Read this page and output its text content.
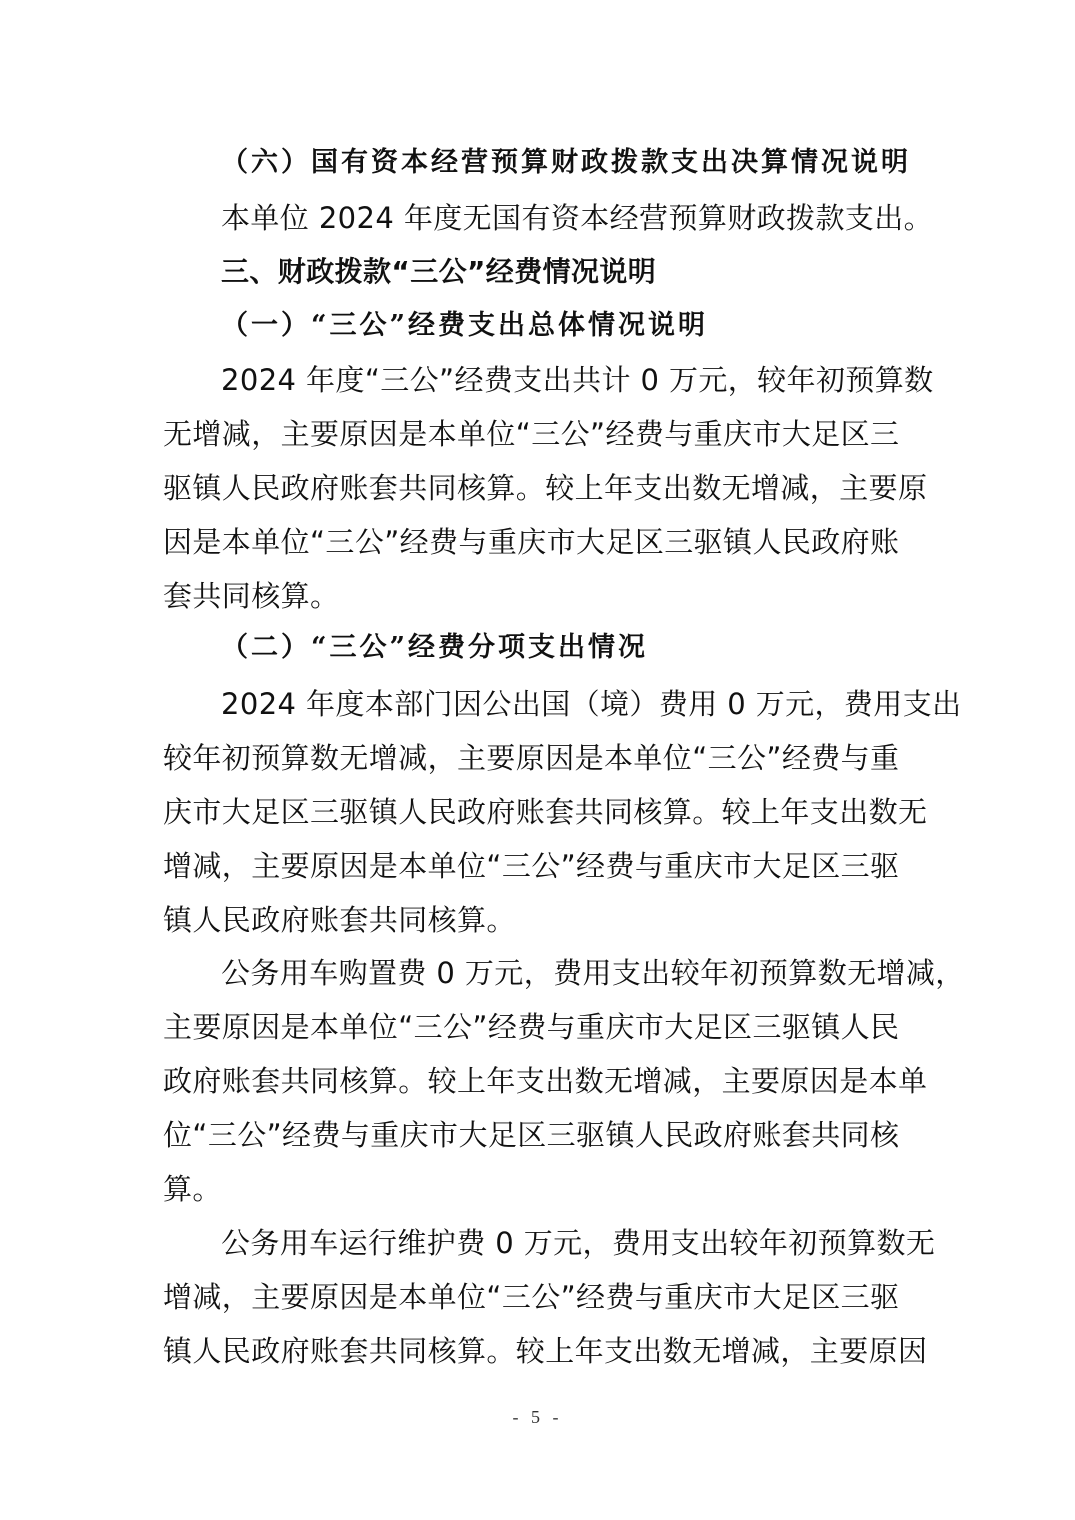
（六）国有资本经营预算财政拨款支出决算情况说明
本单位 2024 年度无国有资本经营预算财政拨款支出。
三、财政拨款“三公”经费情况说明
（一）“三公”经费支出总体情况说明
2024 年度“三公”经费支出共计 0 万元，较年初预算数
无增减，主要原因是本单位“三公”经费与重庆市大足区三
驱镇人民政府账套共同核算。较上年支出数无增减，主要原
因是本单位“三公”经费与重庆市大足区三驱镇人民政府账
套共同核算。
（二）“三公”经费分项支出情况
2024 年度本部门因公出国（境）费用 0 万元，费用支出
较年初预算数无增减，主要原因是本单位“三公”经费与重
庆市大足区三驱镇人民政府账套共同核算。较上年支出数无
增减，主要原因是本单位“三公”经费与重庆市大足区三驱
镇人民政府账套共同核算。
公务用车购置费 0 万元，费用支出较年初预算数无增减，
主要原因是本单位“三公”经费与重庆市大足区三驱镇人民
政府账套共同核算。较上年支出数无增减，主要原因是本单
位“三公”经费与重庆市大足区三驱镇人民政府账套共同核
算。
公务用车运行维护费 0 万元，费用支出较年初预算数无
增减，主要原因是本单位“三公”经费与重庆市大足区三驱
镇人民政府账套共同核算。较上年支出数无增减，主要原因
- 5 -
